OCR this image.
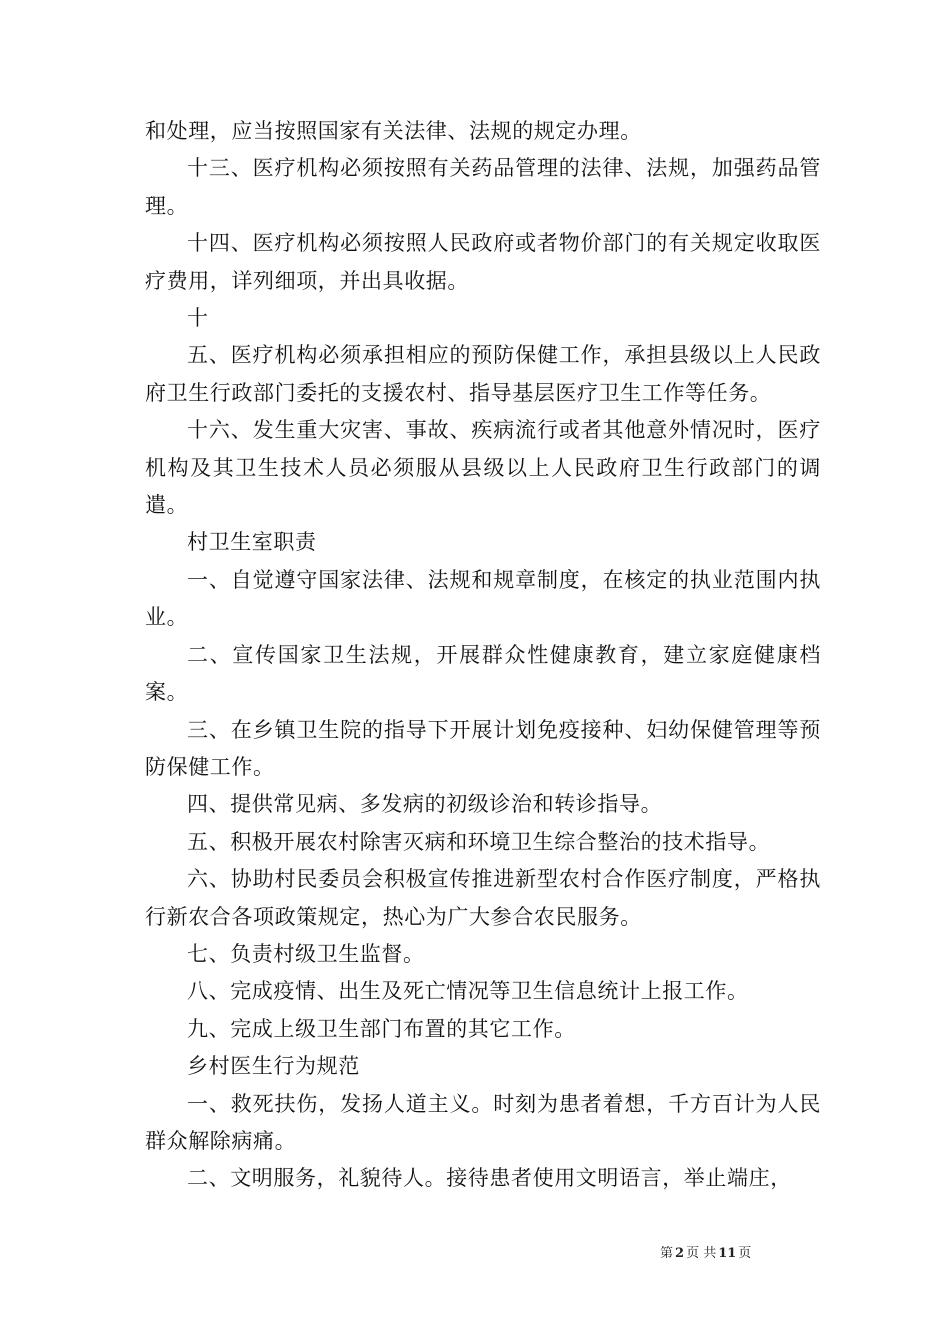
和处理，应当按照国家有关法律、法规的规定办理。

十三、医疗机构必须按照有关药品管理的法律、法规，加强药品管理。

十四、医疗机构必须按照人民政府或者物价部门的有关规定收取医疗费用，详列细项，并出具收据。

十

五、医疗机构必须承担相应的预防保健工作，承担县级以上人民政府卫生行政部门委托的支援农村、指导基层医疗卫生工作等任务。

十六、发生重大灾害、事故、疾病流行或者其他意外情况时，医疗机构及其卫生技术人员必须服从县级以上人民政府卫生行政部门的调遣。

村卫生室职责

一、自觉遵守国家法律、法规和规章制度，在核定的执业范围内执业。

二、宣传国家卫生法规，开展群众性健康教育，建立家庭健康档案。

三、在乡镇卫生院的指导下开展计划免疫接种、妇幼保健管理等预防保健工作。

四、提供常见病、多发病的初级诊治和转诊指导。

五、积极开展农村除害灭病和环境卫生综合整治的技术指导。

六、协助村民委员会积极宣传推进新型农村合作医疗制度，严格执行新农合各项政策规定，热心为广大参合农民服务。

七、负责村级卫生监督。

八、完成疫情、出生及死亡情况等卫生信息统计上报工作。

九、完成上级卫生部门布置的其它工作。

乡村医生行为规范

一、救死扶伤，发扬人道主义。时刻为患者着想，千方百计为人民群众解除病痛。

二、文明服务，礼貌待人。接待患者使用文明语言，举止端庄，

第 2 页 共 11 页
